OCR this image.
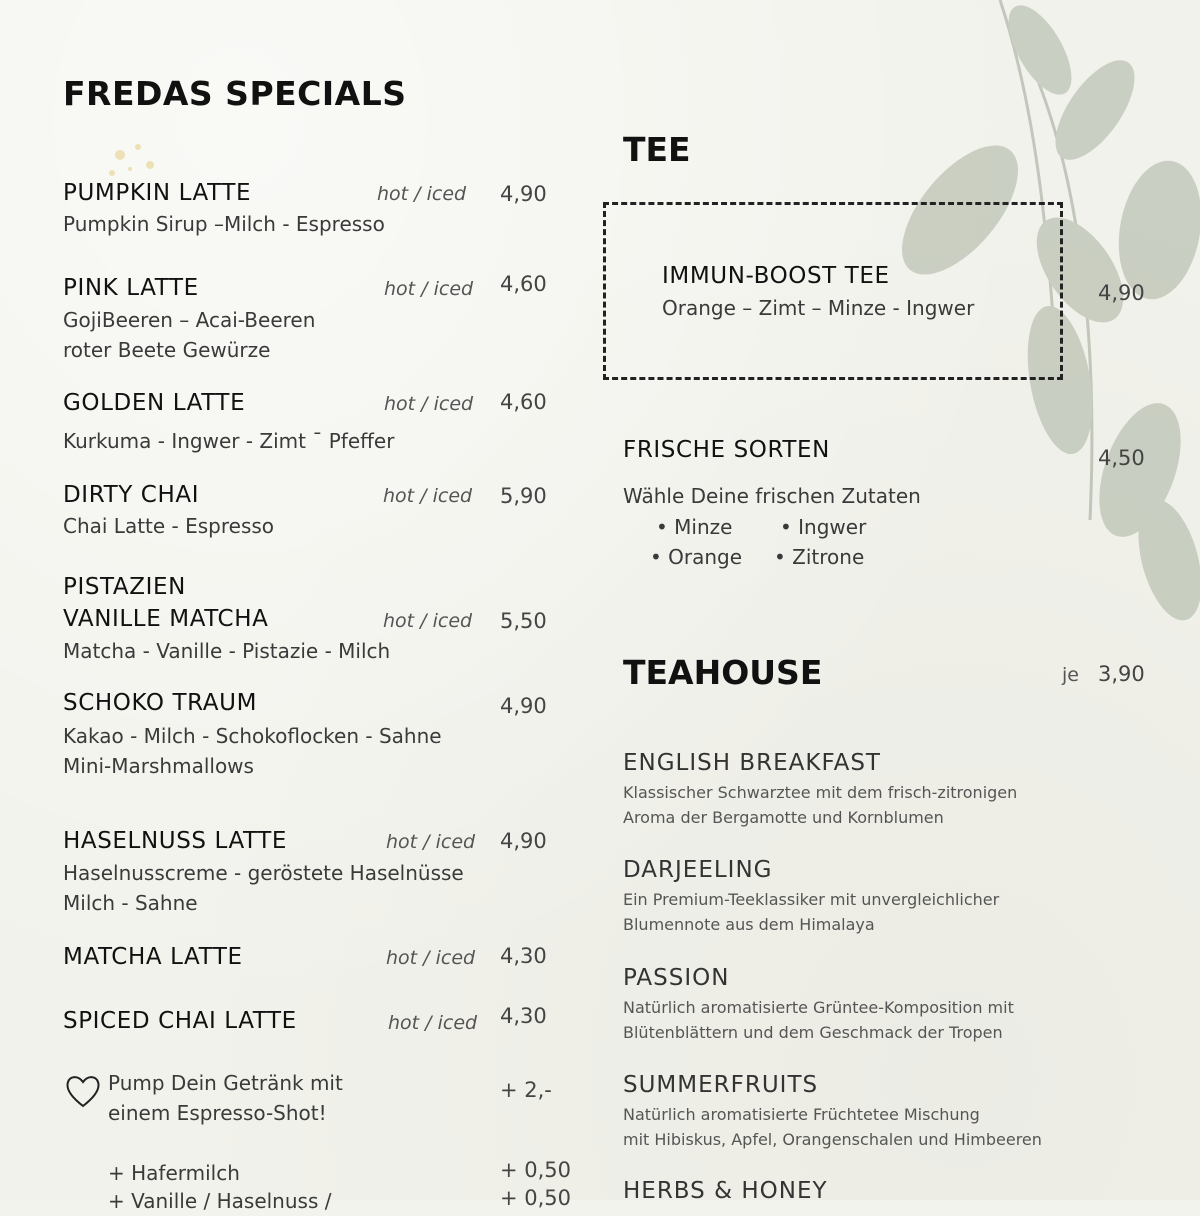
FREDAS SPECIALS
PUMPKIN LATTE	hot / iced 4,90
Pumpkin Sirup –Milch - Espresso
PINK LATTE	hot / iced 4,60
GojiBeeren – Acai-Beeren
roter Beete Gewürze
GOLDEN LATTE	hot / iced 4,60
Kurkuma - Ingwer - Zimt ¯ Pfeffer
DIRTY CHAI	hot / iced 5,90
Chai Latte - Espresso
PISTAZIEN
VANILLE MATCHA	hot / iced 5,50
Matcha - Vanille - Pistazie - Milch
SCHOKO TRAUM	4,90
Kakao - Milch - Schokoflocken - Sahne
Mini-Marshmallows
HASELNUSS LATTE	hot / iced 4,90
Haselnusscreme - geröstete Haselnüsse
Milch - Sahne
MATCHA LATTE	hot / iced 4,30
SPICED CHAI LATTE	hot / iced 4,30
Pump Dein Getränk mit
einem Espresso-Shot!
+ 2,-
+ Hafermilch	+ 0,50
+ Vanille / Haselnuss /	+ 0,50
TEE
IMMUN-BOOST TEE
Orange – Zimt – Minze - Ingwer
4,90
FRISCHE SORTEN	4,50
Wähle Deine frischen Zutaten
• Minze • Ingwer
• Orange • Zitrone
TEAHOUSE	je 3,90
ENGLISH BREAKFAST
Klassischer Schwarztee mit dem frisch-zitronigen
Aroma der Bergamotte und Kornblumen
DARJEELING
Ein Premium-Teeklassiker mit unvergleichlicher
Blumennote aus dem Himalaya
PASSION
Natürlich aromatisierte Grüntee-Komposition mit
Blütenblättern und dem Geschmack der Tropen
SUMMERFRUITS
Natürlich aromatisierte Früchtetee Mischung
mit Hibiskus, Apfel, Orangenschalen und Himbeeren
HERBS & HONEY
